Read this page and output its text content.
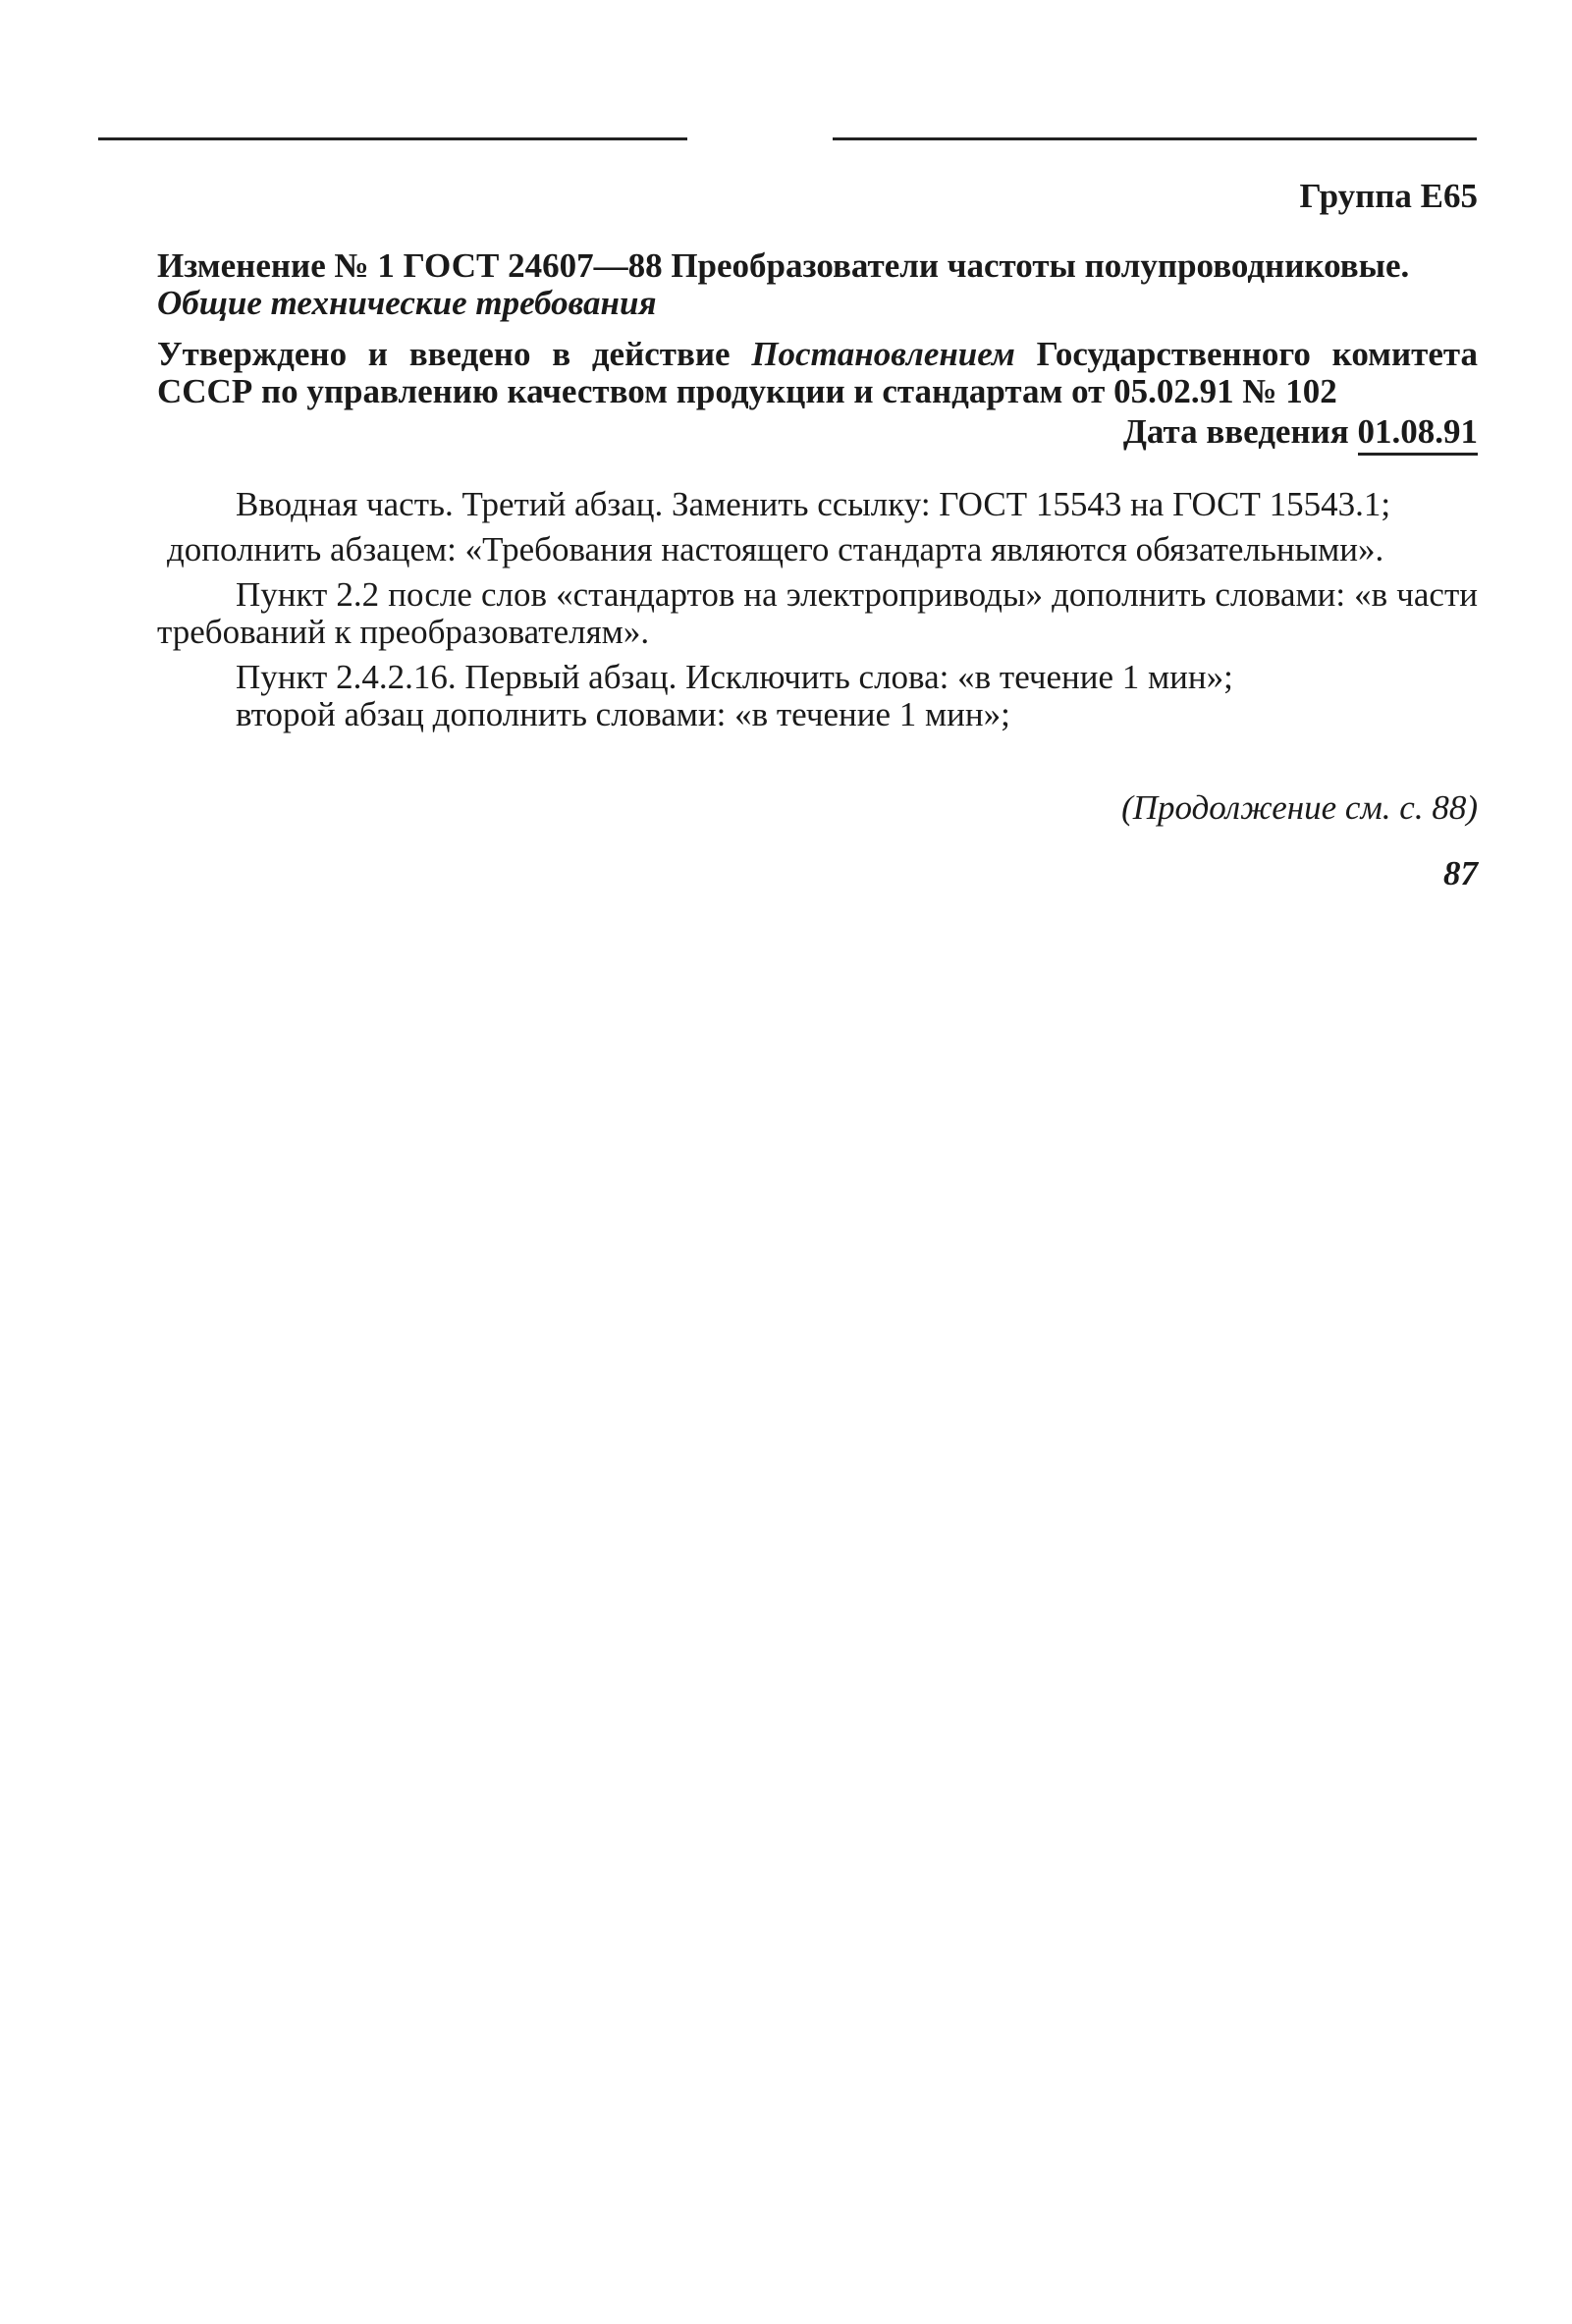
Группа Е65
Изменение № 1 ГОСТ 24607—88 Преобразователи частоты полупроводниковые.
Общие технические требования
Утверждено и введено в действие Постановлением Государственного комитета СССР по управлению качеством продукции и стандартам от 05.02.91 № 102
Дата введения 01.08.91

Вводная часть. Третий абзац. Заменить ссылку: ГОСТ 15543 на ГОСТ 15543.1;

дополнить абзацем: «Требования настоящего стандарта являются обязательными».

Пункт 2.2 после слов «стандартов на электроприводы» дополнить словами: «в части требований к преобразователям».

Пункт 2.4.2.16. Первый абзац. Исключить слова: «в течение 1 мин»;

второй абзац дополнить словами: «в течение 1 мин»;

(Продолжение см. с. 88)
87
